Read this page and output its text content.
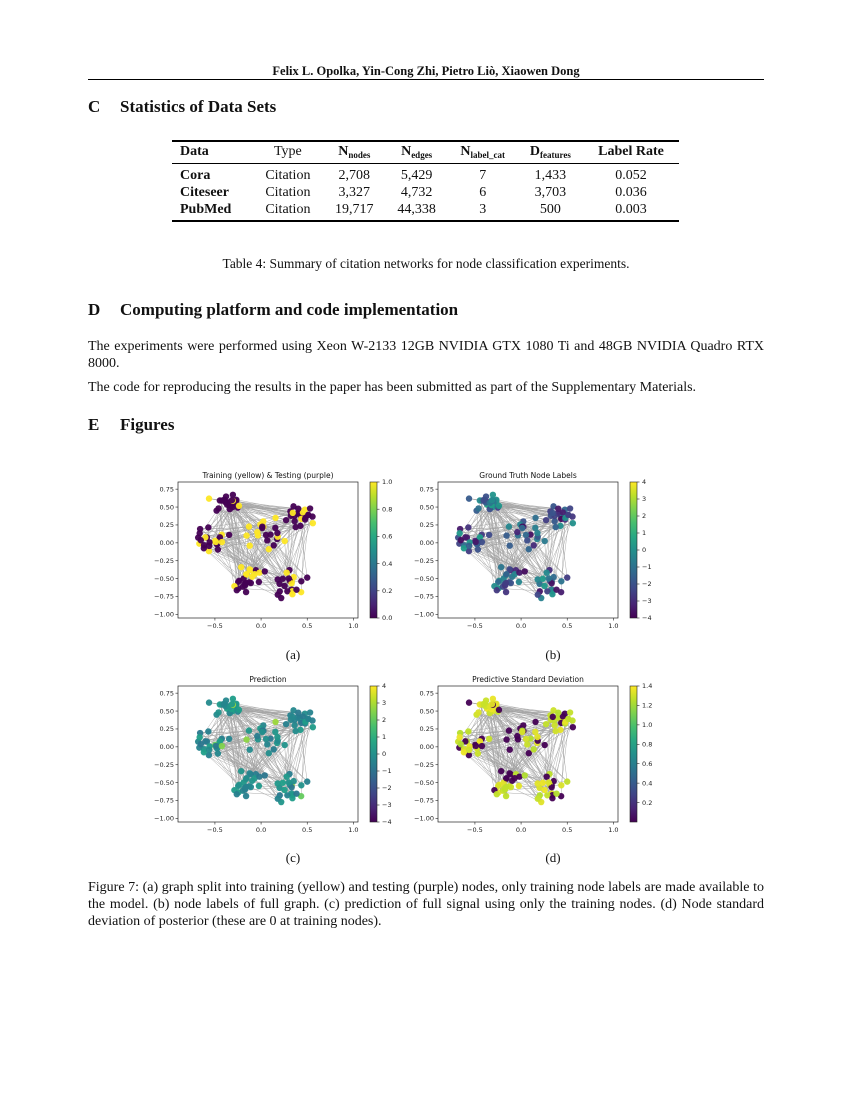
Felix L. Opolka, Yin-Cong Zhi, Pietro Liò, Xiaowen Dong
C Statistics of Data Sets
Data	Type	$N_{nodes}$	$N_{edges}$	$N_{label\_cat}$	$D_{features}$	Label Rate
Cora	Citation	2,708	5,429	7	1,433	0.052
Citeseer	Citation	3,327	4,732	6	3,703	0.036
PubMed	Citation	19,717	44,338	3	500	0.003
Table 4: Summary of citation networks for node classification experiments.
D Computing platform and code implementation
The experiments were performed using Xeon W-2133 12GB NVIDIA GTX 1080 Ti and 48GB NVIDIA Quadro RTX 8000.
The code for reproducing the results in the paper has been submitted as part of the Supplementary Materials.
E Figures
Training (yellow) & Testing (purple)
−0.5	0.0	0.5	1.0
0.75
0.50
0.25
0.00
−0.25
−0.50
−0.75
−1.00	0.0
0.2
0.4
0.6
0.8
1.0
Ground Truth Node Labels
−0.5	0.0	0.5	1.0
0.75
0.50
0.25
0.00
−0.25
−0.50
−0.75
−1.00	−4
−3
−2
−1
0
1
2
3
4
Prediction
−0.5	0.0	0.5	1.0
0.75
0.50
0.25
0.00
−0.25
−0.50
−0.75
−1.00	−4
−3
−2
−1
0
1
2
3
4
Predictive Standard Deviation
−0.5	0.0	0.5	1.0
0.75
0.50
0.25
0.00
−0.25
−0.50
−0.75
−1.00
0.2
0.4
0.6
0.8
1.0
1.2
1.4
(a)	(b)
(c)	(d)
Figure 7: (a) graph split into training (yellow) and testing (purple) nodes, only training node labels are made available to the model. (b) node labels of full graph. (c) prediction of full signal using only the training nodes. (d) Node standard deviation of posterior (these are 0 at training nodes).
